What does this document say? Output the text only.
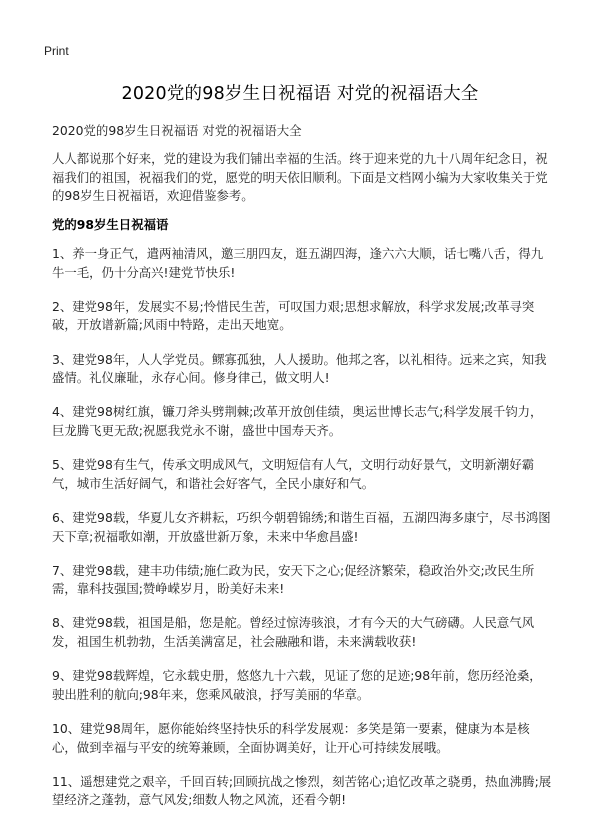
Print
2020党的98岁生日祝福语 对党的祝福语大全
2020党的98岁生日祝福语 对党的祝福语大全
人人都说那个好来，党的建设为我们铺出幸福的生活。终于迎来党的九十八周年纪念日，祝福我们的祖国，祝福我们的党，愿党的明天依旧顺利。下面是文档网小编为大家收集关于党的98岁生日祝福语，欢迎借鉴参考。
党的98岁生日祝福语
1、养一身正气，遣两袖清风，邀三朋四友，逛五湖四海，逢六六大顺，话七嘴八舌，得九牛一毛，仍十分高兴!建党节快乐!
2、建党98年，发展实不易;怜惜民生苦，可叹国力艰;思想求解放，科学求发展;改革寻突破，开放谱新篇;风雨中特路，走出天地宽。
3、建党98年，人人学党员。鳏寡孤独，人人援助。他邦之客，以礼相待。远来之宾，知我盛情。礼仪廉耻，永存心间。修身律己，做文明人!
4、建党98树红旗，镰刀斧头劈荆棘;改革开放创佳绩，奥运世博长志气;科学发展千钧力，巨龙腾飞更无敌;祝愿我党永不谢，盛世中国寿天齐。
5、建党98有生气，传承文明成风气，文明短信有人气，文明行动好景气，文明新潮好霸气，城市生活好阔气，和谐社会好客气，全民小康好和气。
6、建党98载，华夏儿女齐耕耘，巧织今朝碧锦绣;和谐生百福，五湖四海多康宁，尽书鸿图天下章;祝福歌如潮，开放盛世新万象，未来中华愈昌盛!
7、建党98载，建丰功伟绩;施仁政为民，安天下之心;促经济繁荣，稳政治外交;改民生所需，靠科技强国;赞峥嵘岁月，盼美好未来!
8、建党98载，祖国是船，您是舵。曾经过惊涛骇浪，才有今天的大气磅礴。人民意气风发，祖国生机勃勃，生活美满富足，社会融融和谐，未来满载收获!
9、建党98载辉煌，它永载史册，悠悠九十六载，见证了您的足迹;98年前，您历经沧桑，驶出胜利的航向;98年来，您乘风破浪，抒写美丽的华章。
10、建党98周年，愿你能始终坚持快乐的科学发展观：多笑是第一要素，健康为本是核心，做到幸福与平安的统筹兼顾，全面协调美好，让开心可持续发展哦。
11、遥想建党之艰辛，千回百转;回顾抗战之惨烈，刻苦铭心;追忆改革之骁勇，热血沸腾;展望经济之蓬勃，意气风发;细数人物之风流，还看今朝!
